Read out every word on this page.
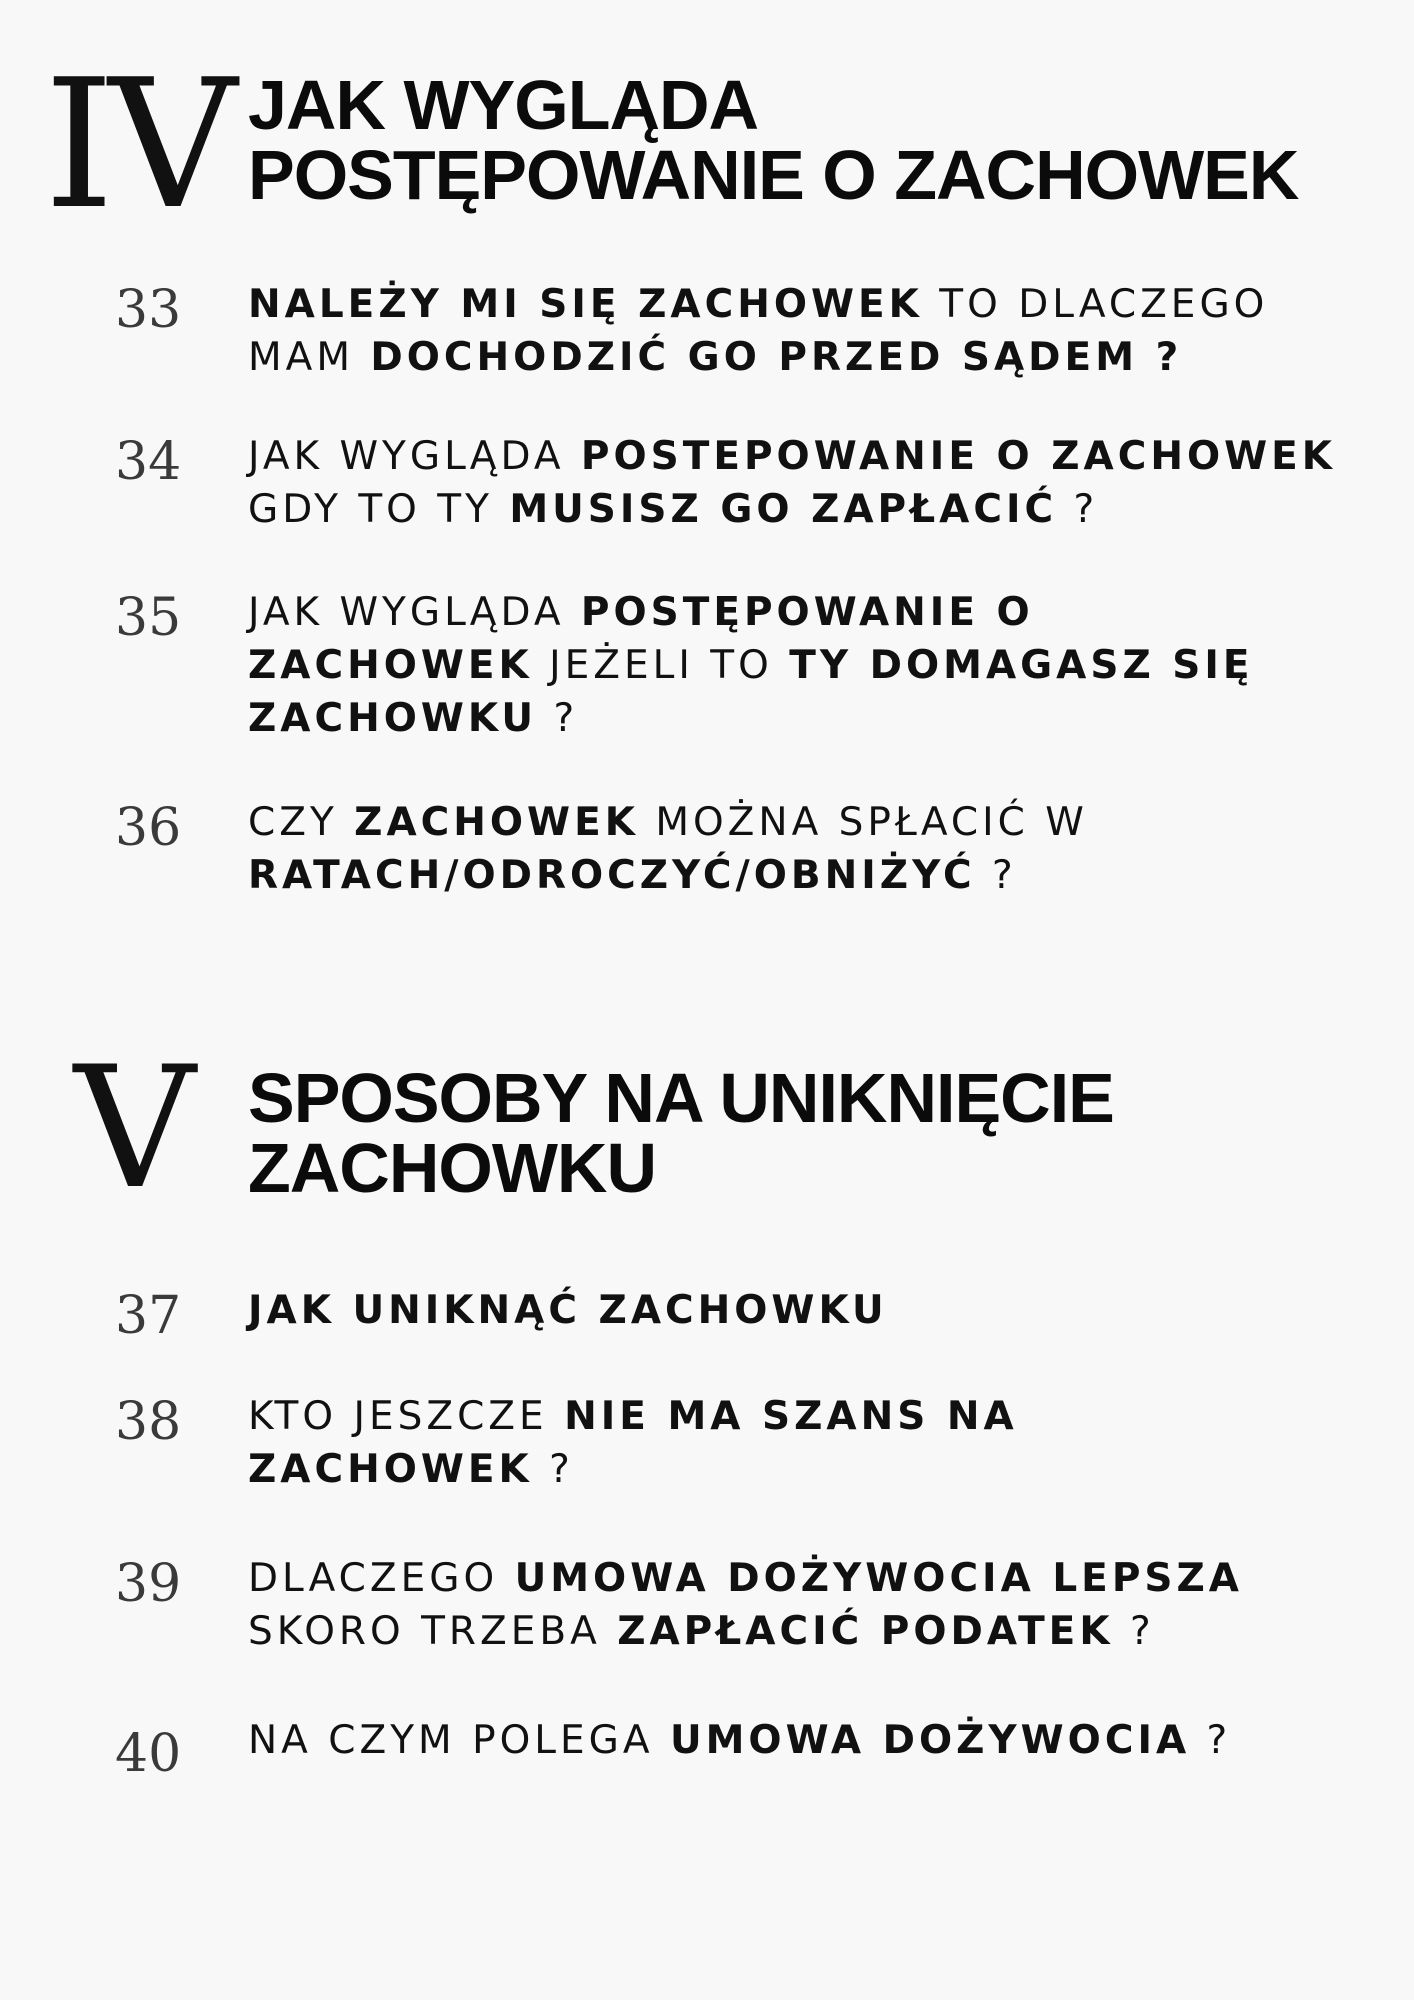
IV JAK WYGLĄDA
POSTĘPOWANIE O ZACHOWEK
33 NALEŻY MI SIĘ ZACHOWEK TO DLACZEGO
MAM DOCHODZIĆ GO PRZED SĄDEM ?
34 JAK WYGLĄDA POSTEPOWANIE O ZACHOWEK
GDY TO TY MUSISZ GO ZAPŁACIĆ ?
35 JAK WYGLĄDA POSTĘPOWANIE O
ZACHOWEK JEŻELI TO TY DOMAGASZ SIĘ
ZACHOWKU ?
36 CZY ZACHOWEK MOŻNA SPŁACIĆ W
RATACH/ODROCZYĆ/OBNIŻYĆ ?
V SPOSOBY NA UNIKNIĘCIE
ZACHOWKU
37 JAK UNIKNĄĆ ZACHOWKU
38 KTO JESZCZE NIE MA SZANS NA
ZACHOWEK ?
39 DLACZEGO UMOWA DOŻYWOCIA LEPSZA
SKORO TRZEBA ZAPŁACIĆ PODATEK ?
40 NA CZYM POLEGA UMOWA DOŻYWOCIA ?
